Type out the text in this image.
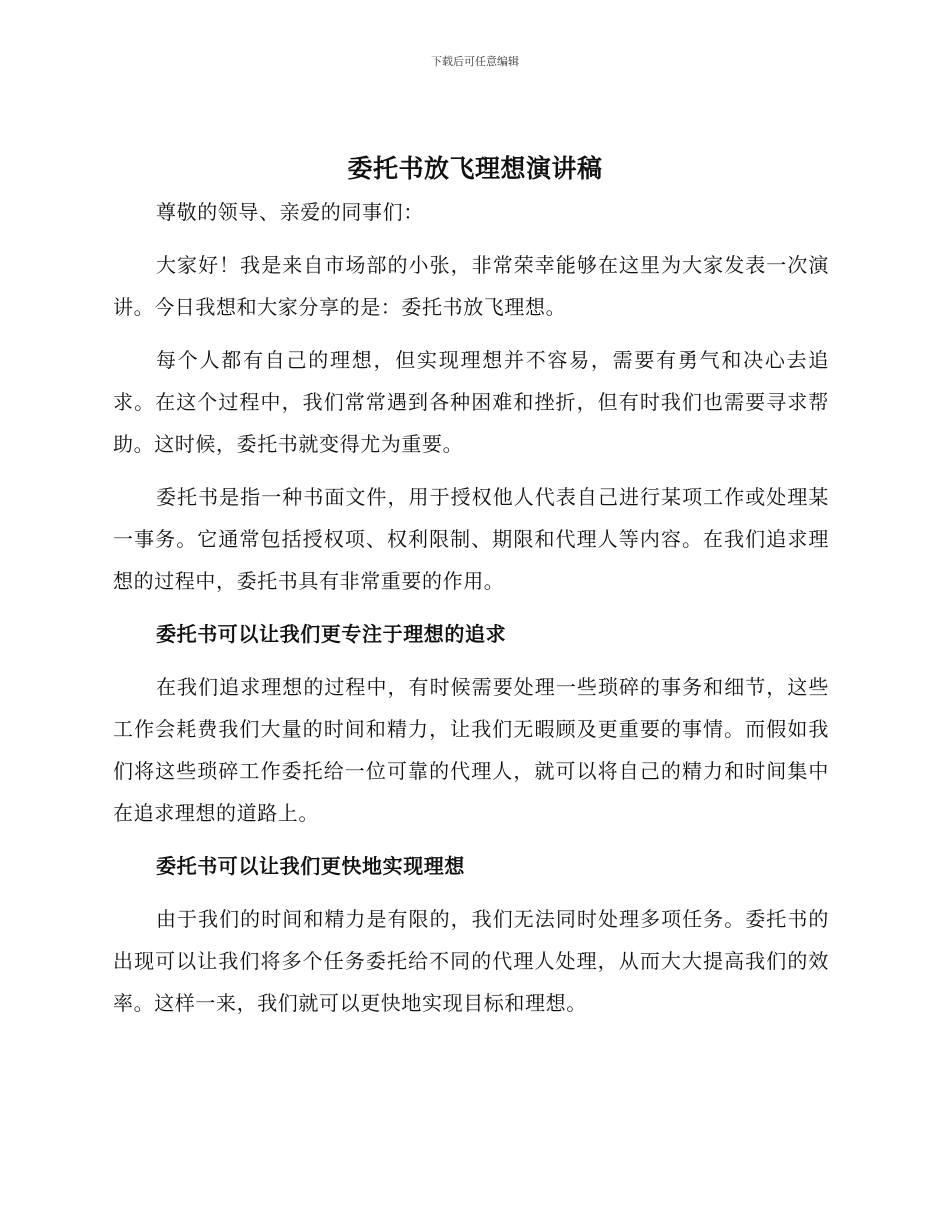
下载后可任意编辑
委托书放飞理想演讲稿

尊敬的领导、亲爱的同事们：

大家好！我是来自市场部的小张，非常荣幸能够在这里为大家发表一次演讲。今日我想和大家分享的是：委托书放飞理想。

每个人都有自己的理想，但实现理想并不容易，需要有勇气和决心去追求。在这个过程中，我们常常遇到各种困难和挫折，但有时我们也需要寻求帮助。这时候，委托书就变得尤为重要。

委托书是指一种书面文件，用于授权他人代表自己进行某项工作或处理某一事务。它通常包括授权项、权利限制、期限和代理人等内容。在我们追求理想的过程中，委托书具有非常重要的作用。

委托书可以让我们更专注于理想的追求

在我们追求理想的过程中，有时候需要处理一些琐碎的事务和细节，这些工作会耗费我们大量的时间和精力，让我们无暇顾及更重要的事情。而假如我们将这些琐碎工作委托给一位可靠的代理人，就可以将自己的精力和时间集中在追求理想的道路上。

委托书可以让我们更快地实现理想

由于我们的时间和精力是有限的，我们无法同时处理多项任务。委托书的出现可以让我们将多个任务委托给不同的代理人处理，从而大大提高我们的效率。这样一来，我们就可以更快地实现目标和理想。
